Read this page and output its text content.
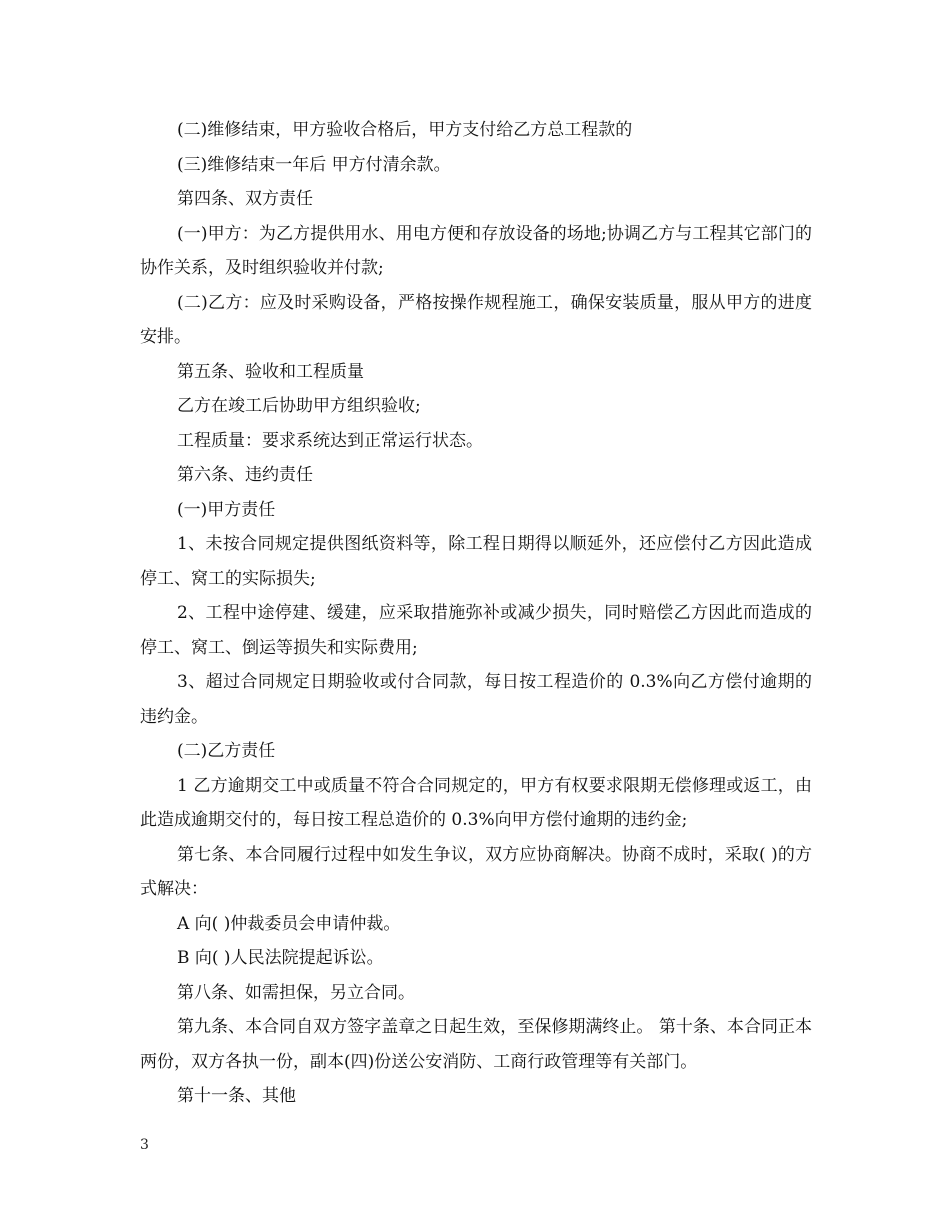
(二)维修结束，甲方验收合格后，甲方支付给乙方总工程款的

(三)维修结束一年后 甲方付清余款。

第四条、双方责任

(一)甲方：为乙方提供用水、用电方便和存放设备的场地;协调乙方与工程其它部门的协作关系，及时组织验收并付款;

(二)乙方：应及时采购设备，严格按操作规程施工，确保安装质量，服从甲方的进度安排。

第五条、验收和工程质量

乙方在竣工后协助甲方组织验收;

工程质量：要求系统达到正常运行状态。

第六条、违约责任

(一)甲方责任

1、未按合同规定提供图纸资料等，除工程日期得以顺延外，还应偿付乙方因此造成停工、窝工的实际损失;

2、工程中途停建、缓建，应采取措施弥补或减少损失，同时赔偿乙方因此而造成的停工、窝工、倒运等损失和实际费用;

3、超过合同规定日期验收或付合同款，每日按工程造价的 0.3%向乙方偿付逾期的违约金。

(二)乙方责任

1 乙方逾期交工中或质量不符合合同规定的，甲方有权要求限期无偿修理或返工，由此造成逾期交付的，每日按工程总造价的 0.3%向甲方偿付逾期的违约金;

第七条、本合同履行过程中如发生争议，双方应协商解决。协商不成时，采取( )的方式解决：

A 向( )仲裁委员会申请仲裁。

B 向( )人民法院提起诉讼。

第八条、如需担保，另立合同。

第九条、本合同自双方签字盖章之日起生效，至保修期满终止。 第十条、本合同正本两份，双方各执一份，副本(四)份送公安消防、工商行政管理等有关部门。

第十一条、其他

3
